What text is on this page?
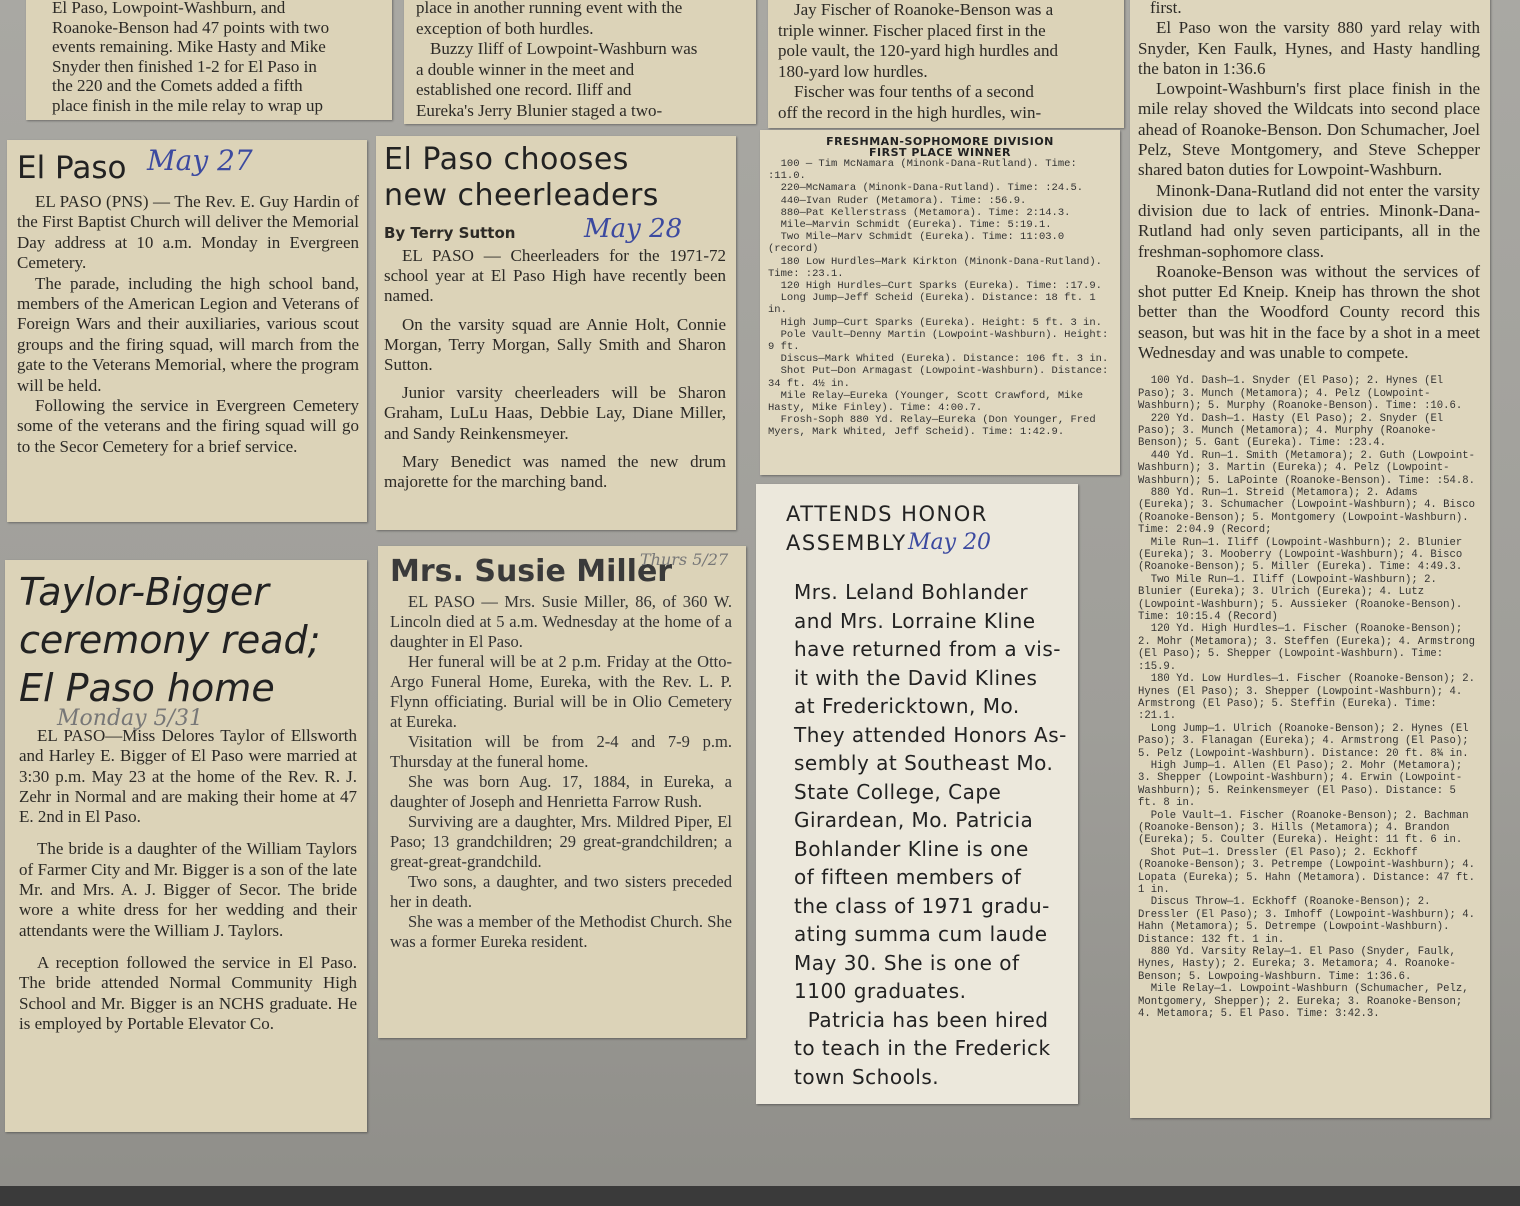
El Paso, Lowpoint-Washburn, and
Roanoke-Benson had 47 points with two
events remaining. Mike Hasty and Mike
Snyder then finished 1-2 for El Paso in
the 220 and the Comets added a fifth
place finish in the mile relay to wrap up
place in another running event with the
exception of both hurdles.
Buzzy Iliff of Lowpoint-Washburn was
a double winner in the meet and
established one record. Iliff and
Eureka's Jerry Blunier staged a two-
Jay Fischer of Roanoke-Benson was a
triple winner. Fischer placed first in the
pole vault, the 120-yard high hurdles and
180-yard low hurdles.
Fischer was four tenths of a second
off the record in the high hurdles, win-

first.

El Paso won the varsity 880 yard relay with Snyder, Ken Faulk, Hynes, and Hasty handling the baton in 1:36.6

Lowpoint-Washburn's first place finish in the mile relay shoved the Wildcats into second place ahead of Roanoke-Benson. Don Schumacher, Joel Pelz, Steve Montgomery, and Steve Schepper shared baton duties for Lowpoint-Washburn.

Minonk-Dana-Rutland did not enter the varsity division due to lack of entries. Minonk-Dana-Rutland had only seven participants, all in the freshman-sophomore class.

Roanoke-Benson was without the services of shot putter Ed Kneip. Kneip has thrown the shot better than the Woodford County record this season, but was hit in the face by a shot in a meet Wednesday and was unable to compete.

100 Yd. Dash—1. Snyder (El Paso); 2. Hynes (El Paso); 3. Munch (Metamora); 4. Pelz (Lowpoint-Washburn); 5. Murphy (Roanoke-Benson). Time: :10.6.
220 Yd. Dash—1. Hasty (El Paso); 2. Snyder (El Paso); 3. Munch (Metamora); 4. Murphy (Roanoke-Benson); 5. Gant (Eureka). Time: :23.4.
440 Yd. Run—1. Smith (Metamora); 2. Guth (Lowpoint-Washburn); 3. Martin (Eureka); 4. Pelz (Lowpoint-Washburn); 5. LaPointe (Roanoke-Benson). Time: :54.8.
880 Yd. Run—1. Streid (Metamora); 2. Adams (Eureka); 3. Schumacher (Lowpoint-Washburn); 4. Bisco (Roanoke-Benson); 5. Montgomery (Lowpoint-Washburn). Time: 2:04.9 (Record;
Mile Run—1. Iliff (Lowpoint-Washburn); 2. Blunier (Eureka); 3. Mooberry (Lowpoint-Washburn); 4. Bisco (Roanoke-Benson); 5. Miller (Eureka). Time: 4:49.3.
Two Mile Run—1. Iliff (Lowpoint-Washburn); 2. Blunier (Eureka); 3. Ulrich (Eureka); 4. Lutz (Lowpoint-Washburn); 5. Aussieker (Roanoke-Benson). Time: 10:15.4 (Record)
120 Yd. High Hurdles—1. Fischer (Roanoke-Benson); 2. Mohr (Metamora); 3. Steffen (Eureka); 4. Armstrong (El Paso); 5. Shepper (Lowpoint-Washburn). Time: :15.9.
180 Yd. Low Hurdles—1. Fischer (Roanoke-Benson); 2. Hynes (El Paso); 3. Shepper (Lowpoint-Washburn); 4. Armstrong (El Paso); 5. Steffin (Eureka). Time: :21.1.
Long Jump—1. Ulrich (Roanoke-Benson); 2. Hynes (El Paso); 3. Flanagan (Eureka); 4. Armstrong (El Paso); 5. Pelz (Lowpoint-Washburn). Distance: 20 ft. 8¾ in.
High Jump—1. Allen (El Paso); 2. Mohr (Metamora); 3. Shepper (Lowpoint-Washburn); 4. Erwin (Lowpoint-Washburn); 5. Reinkensmeyer (El Paso). Distance: 5 ft. 8 in.
Pole Vault—1. Fischer (Roanoke-Benson); 2. Bachman (Roanoke-Benson); 3. Hills (Metamora); 4. Brandon (Eureka); 5. Coulter (Eureka). Height: 11 ft. 6 in.
Shot Put—1. Dressler (El Paso); 2. Eckhoff (Roanoke-Benson); 3. Petrempe (Lowpoint-Washburn); 4. Lopata (Eureka); 5. Hahn (Metamora). Distance: 47 ft. 1 in.
Discus Throw—1. Eckhoff (Roanoke-Benson); 2. Dressler (El Paso); 3. Imhoff (Lowpoint-Washburn); 4. Hahn (Metamora); 5. Detrempe (Lowpoint-Washburn). Distance: 132 ft. 1 in.
880 Yd. Varsity Relay—1. El Paso (Snyder, Faulk, Hynes, Hasty); 2. Eureka; 3. Metamora; 4. Roanoke-Benson; 5. Lowpoing-Washburn. Time: 1:36.6.
Mile Relay—1. Lowpoint-Washburn (Schumacher, Pelz, Montgomery, Shepper); 2. Eureka; 3. Roanoke-Benson; 4. Metamora; 5. El Paso. Time: 3:42.3.
FRESHMAN-SOPHOMORE DIVISION
FIRST PLACE WINNER
100 — Tim McNamara (Minonk-Dana-Rutland). Time: :11.0.
220—McNamara (Minonk-Dana-Rutland). Time: :24.5.
440—Ivan Ruder (Metamora). Time: :56.9.
880—Pat Kellerstrass (Metamora). Time: 2:14.3.
Mile—Marvin Schmidt (Eureka). Time: 5:19.1.
Two Mile—Marv Schmidt (Eureka). Time: 11:03.0 (record)
180 Low Hurdles—Mark Kirkton (Minonk-Dana-Rutland). Time: :23.1.
120 High Hurdles—Curt Sparks (Eureka). Time: :17.9.
Long Jump—Jeff Scheid (Eureka). Distance: 18 ft. 1 in.
High Jump—Curt Sparks (Eureka). Height: 5 ft. 3 in.
Pole Vault—Denny Martin (Lowpoint-Washburn). Height: 9 ft.
Discus—Mark Whited (Eureka). Distance: 106 ft. 3 in.
Shot Put—Don Armagast (Lowpoint-Washburn). Distance: 34 ft. 4½ in.
Mile Relay—Eureka (Younger, Scott Crawford, Mike Hasty, Mike Finley). Time: 4:00.7.
Frosh-Soph 880 Yd. Relay—Eureka (Don Younger, Fred Myers, Mark Whited, Jeff Scheid). Time: 1:42.9.
El Paso May 27

EL PASO (PNS) — The Rev. E. Guy Hardin of the First Baptist Church will deliver the Memorial Day address at 10 a.m. Monday in Evergreen Cemetery.

The parade, including the high school band, members of the American Legion and Veterans of Foreign Wars and their auxiliaries, various scout groups and the firing squad, will march from the gate to the Veterans Memorial, where the program will be held.

Following the service in Evergreen Cemetery some of the veterans and the firing squad will go to the Secor Cemetery for a brief service.

El Paso chooses
new cheerleaders
By Terry Sutton	May 28

EL PASO — Cheerleaders for the 1971-72 school year at El Paso High have recently been named.

On the varsity squad are Annie Holt, Connie Morgan, Terry Morgan, Sally Smith and Sharon Sutton.

Junior varsity cheerleaders will be Sharon Graham, LuLu Haas, Debbie Lay, Diane Miller, and Sandy Reinkensmeyer.

Mary Benedict was named the new drum majorette for the marching band.

Taylor-Bigger
ceremony read;
El Paso home
Monday 5/31

EL PASO—Miss Delores Taylor of Ellsworth and Harley E. Bigger of El Paso were married at 3:30 p.m. May 23 at the home of the Rev. R. J. Zehr in Normal and are making their home at 47 E. 2nd in El Paso.

The bride is a daughter of the William Taylors of Farmer City and Mr. Bigger is a son of the late Mr. and Mrs. A. J. Bigger of Secor. The bride wore a white dress for her wedding and their attendants were the William J. Taylors.

A reception followed the service in El Paso. The bride attended Normal Community High School and Mr. Bigger is an NCHS graduate. He is employed by Portable Elevator Co.

Mrs. Susie Miller
Thurs 5/27

EL PASO — Mrs. Susie Miller, 86, of 360 W. Lincoln died at 5 a.m. Wednesday at the home of a daughter in El Paso.

Her funeral will be at 2 p.m. Friday at the Otto-Argo Funeral Home, Eureka, with the Rev. L. P. Flynn officiating. Burial will be in Olio Cemetery at Eureka.

Visitation will be from 2-4 and 7-9 p.m. Thursday at the funeral home.

She was born Aug. 17, 1884, in Eureka, a daughter of Joseph and Henrietta Farrow Rush.

Surviving are a daughter, Mrs. Mildred Piper, El Paso; 13 grandchildren; 29 great-grandchildren; a great-great-grandchild.

Two sons, a daughter, and two sisters preceded her in death.

She was a member of the Methodist Church. She was a former Eureka resident.

ATTENDS HONOR
ASSEMBLY May 20
Mrs. Leland Bohlander
and Mrs. Lorraine Kline
have returned from a vis-
it with the David Klines
at Fredericktown, Mo.
They attended Honors As-
sembly at Southeast Mo.
State College, Cape
Girardean, Mo. Patricia
Bohlander Kline is one
of fifteen members of
the class of 1971 gradu-
ating summa cum laude
May 30. She is one of
1100 graduates.
Patricia has been hired
to teach in the Frederick
town Schools.
